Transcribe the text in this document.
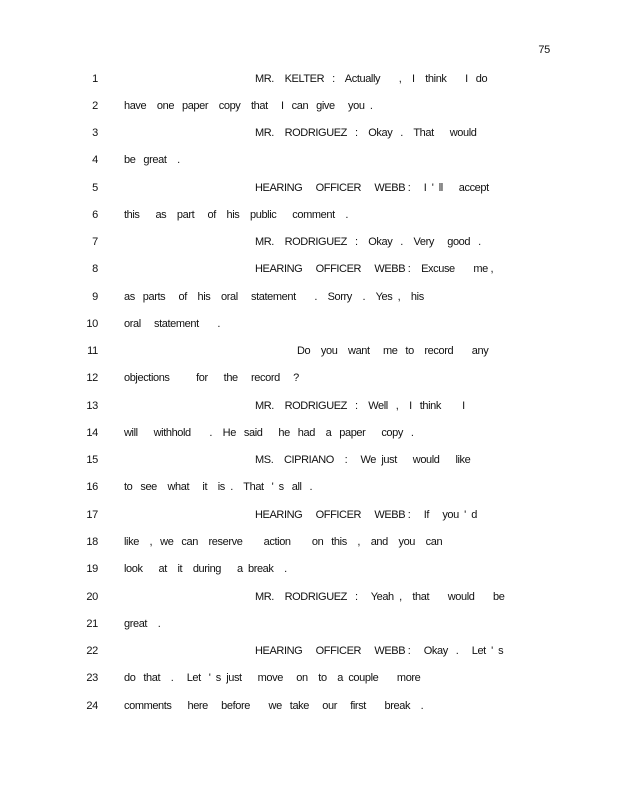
75
1	MR.    KELTER   :    Actually       ,    I    think       I   do
2 have    one   paper    copy    that     I   can   give     you  .
3	MR.    RODRIGUEZ   :    Okay   .    That      would
4 be   great    .
5	HEARING     OFFICER     WEBB :     I  '  ll      accept
6 this      as    part     of    his    public      comment    .
7	MR.    RODRIGUEZ   :    Okay   .    Very     good   .
8	HEARING     OFFICER     WEBB :    Excuse       me ,
9 as   parts     of    his    oral     statement       .    Sorry    .    Yes  ,    his
10 oral     statement       .
11	Do    you    want     me   to    record       any
12 objections          for      the     record     ?
13	MR.    RODRIGUEZ   :    Well   ,    I   think        I
14 will      withhold       .    He   said      he   had    a   paper      copy   .
15	MS.    CIPRIANO    :     We  just      would      like
16 to   see    what     it    is  .    That   '  s   all   .
17	HEARING     OFFICER     WEBB :     If     you  '  d
18 like    ,   we   can    reserve        action        on   this    ,    and    you    can
19 look      at    it    during      a  break    .
20	MR.    RODRIGUEZ   :     Yeah  ,    that       would       be
21 great    .
22	HEARING     OFFICER     WEBB :     Okay   .     Let  '  s
23 do   that    .     Let   '  s  just      move     on    to    a  couple       more
24 comments      here     before       we   take     our     first       break    .
